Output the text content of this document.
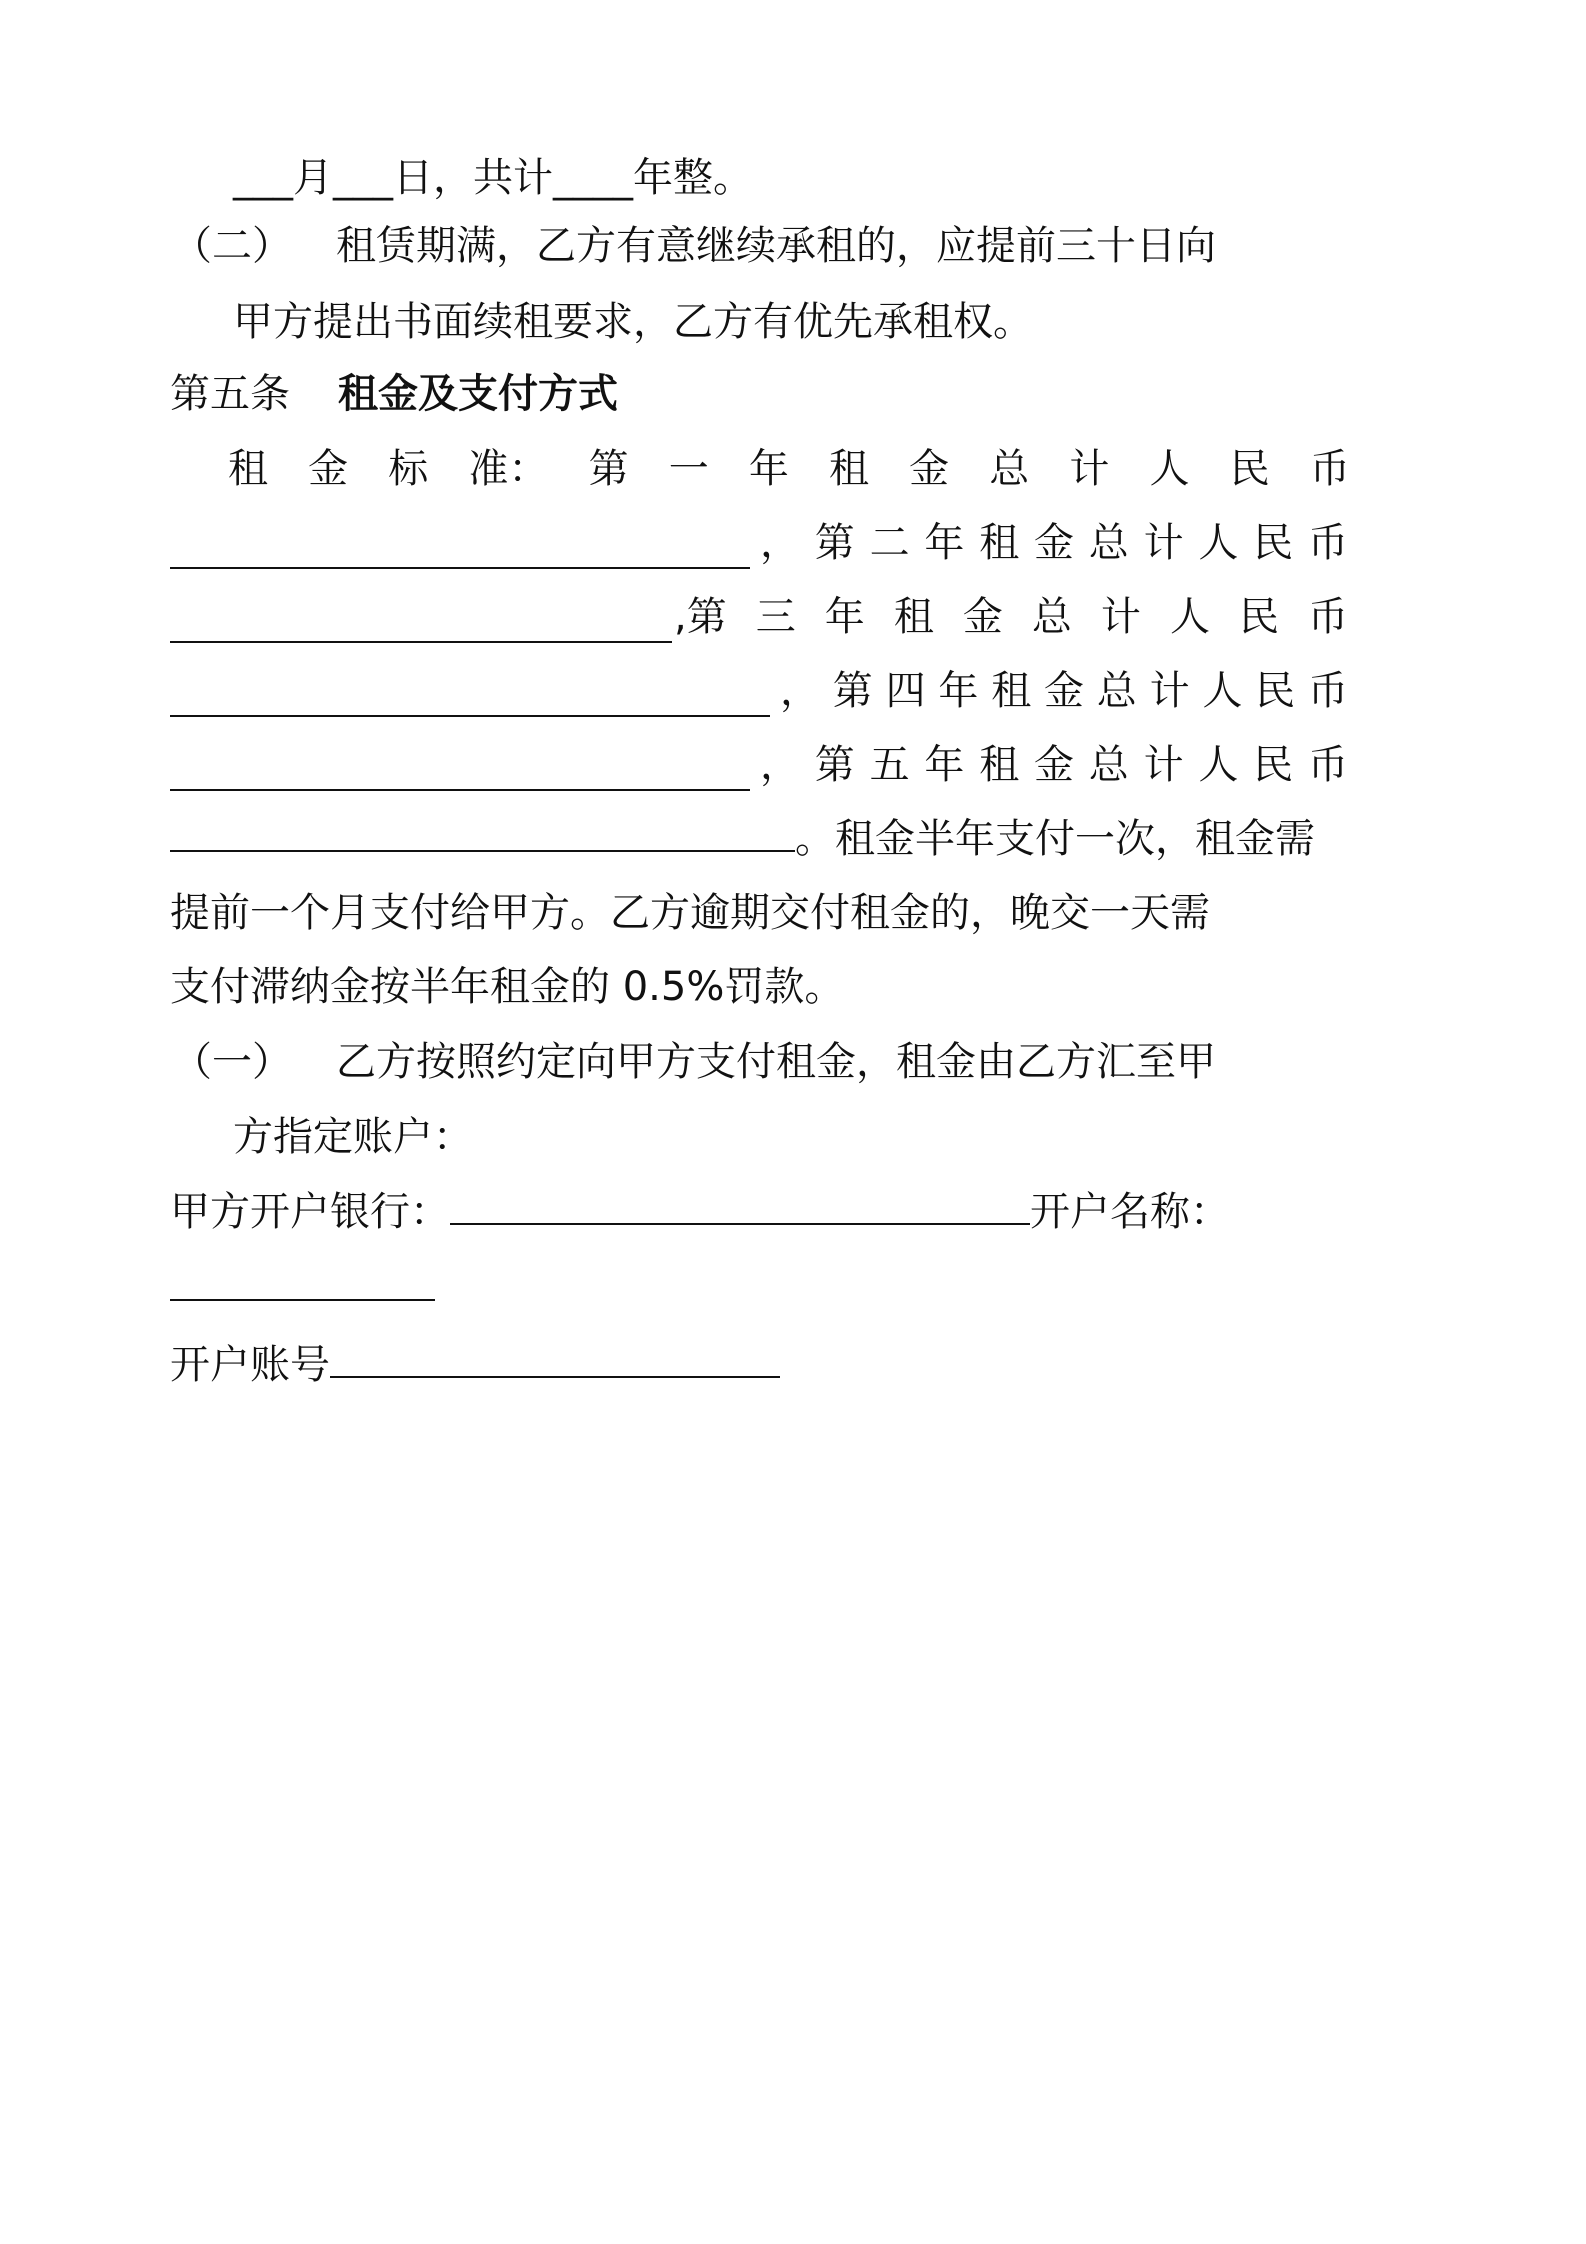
___月___日，共计____年整。
（二） 租赁期满，乙方有意继续承租的，应提前三十日向
甲方提出书面续租要求，乙方有优先承租权。
第五条 租金及支付方式
租 金 标 准： 第 一 年 租 金 总 计 人 民 币
， 第 二 年 租 金 总 计 人 民 币
,第 三 年 租 金 总 计 人 民 币
， 第 四 年 租 金 总 计 人 民 币
， 第 五 年 租 金 总 计 人 民 币
。租金半年支付一次，租金需
提前一个月支付给甲方。乙方逾期交付租金的，晚交一天需
支付滞纳金按半年租金的 0.5%罚款。
（一） 乙方按照约定向甲方支付租金，租金由乙方汇至甲
方指定账户：
甲方开户银行：	开户名称：
开户账号
